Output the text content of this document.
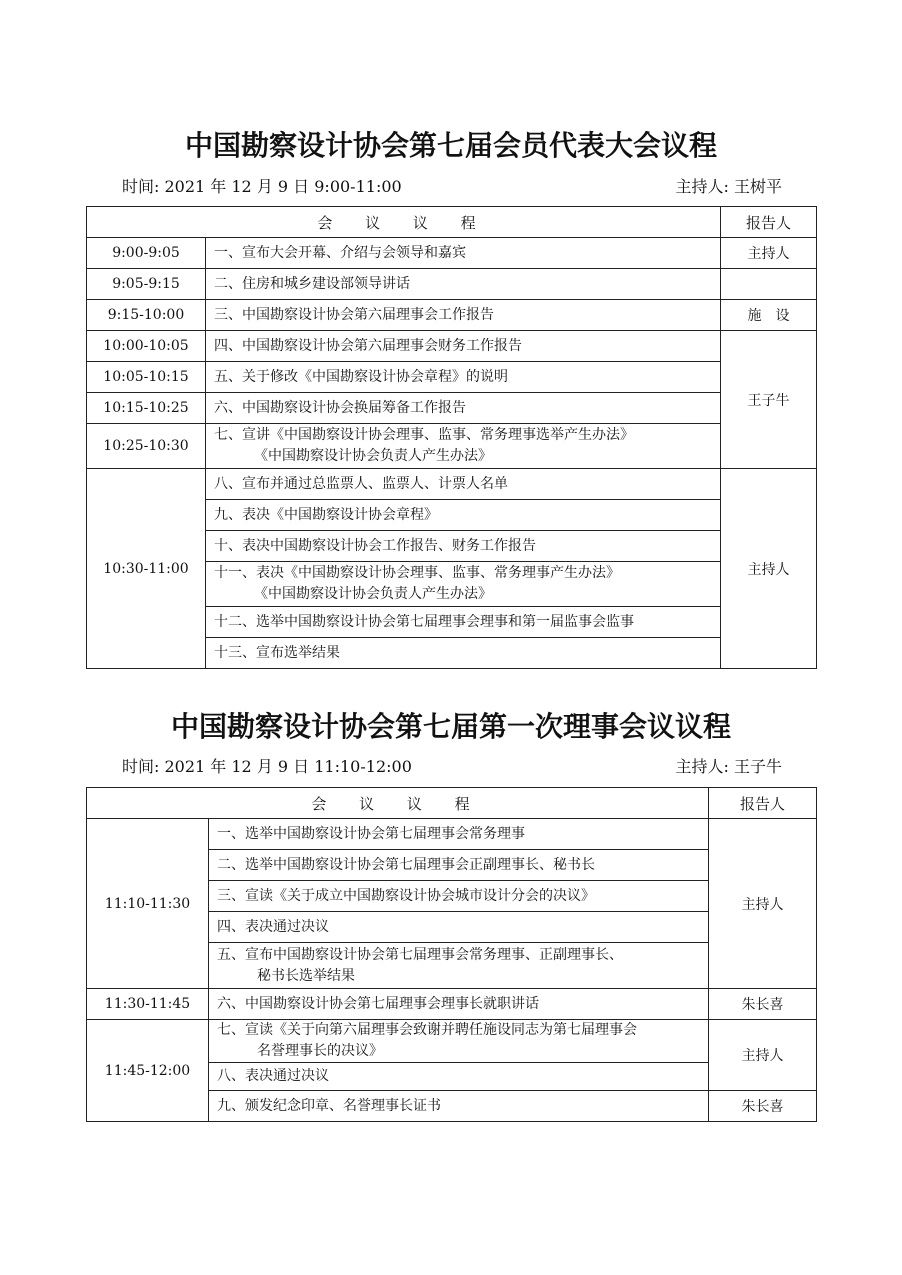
中国勘察设计协会第七届会员代表大会议程
时间: 2021 年 12 月 9 日 9:00-11:00	主持人: 王树平
会 议 议 程		报告人
9:00-9:05	一、宣布大会开幕、介绍与会领导和嘉宾	主持人
9:05-9:15	二、住房和城乡建设部领导讲话	
9:15-10:00	三、中国勘察设计协会第六届理事会工作报告	施　设
10:00-10:05	四、中国勘察设计协会第六届理事会财务工作报告	王子牛
10:05-10:15	五、关于修改《中国勘察设计协会章程》的说明	
10:15-10:25	六、中国勘察设计协会换届筹备工作报告	
10:25-10:30	七、宣讲《中国勘察设计协会理事、监事、常务理事选举产生办法》
《中国勘察设计协会负责人产生办法》	

10:30-11:00	八、宣布并通过总监票人、监票人、计票人名单	主持人
	九、表决《中国勘察设计协会章程》	
	十、表决中国勘察设计协会工作报告、财务工作报告	
	十一、表决《中国勘察设计协会理事、监事、常务理事产生办法》
《中国勘察设计协会负责人产生办法》	

	十二、选举中国勘察设计协会第七届理事会理事和第一届监事会监事	
	十三、宣布选举结果	
中国勘察设计协会第七届第一次理事会议议程
时间: 2021 年 12 月 9 日 11:10-12:00	主持人: 王子牛
会 议 议 程		报告人
11:10-11:30	一、选举中国勘察设计协会第七届理事会常务理事	主持人
	二、选举中国勘察设计协会第七届理事会正副理事长、秘书长	
	三、宣读《关于成立中国勘察设计协会城市设计分会的决议》	
	四、表决通过决议	
	五、宣布中国勘察设计协会第七届理事会常务理事、正副理事长、
秘书长选举结果	

11:30-11:45	六、中国勘察设计协会第七届理事会理事长就职讲话	朱长喜
11:45-12:00	七、宣读《关于向第六届理事会致谢并聘任施设同志为第七届理事会
名誉理事长的决议》	主持人
	八、表决通过决议	
	九、颁发纪念印章、名誉理事长证书	朱长喜
